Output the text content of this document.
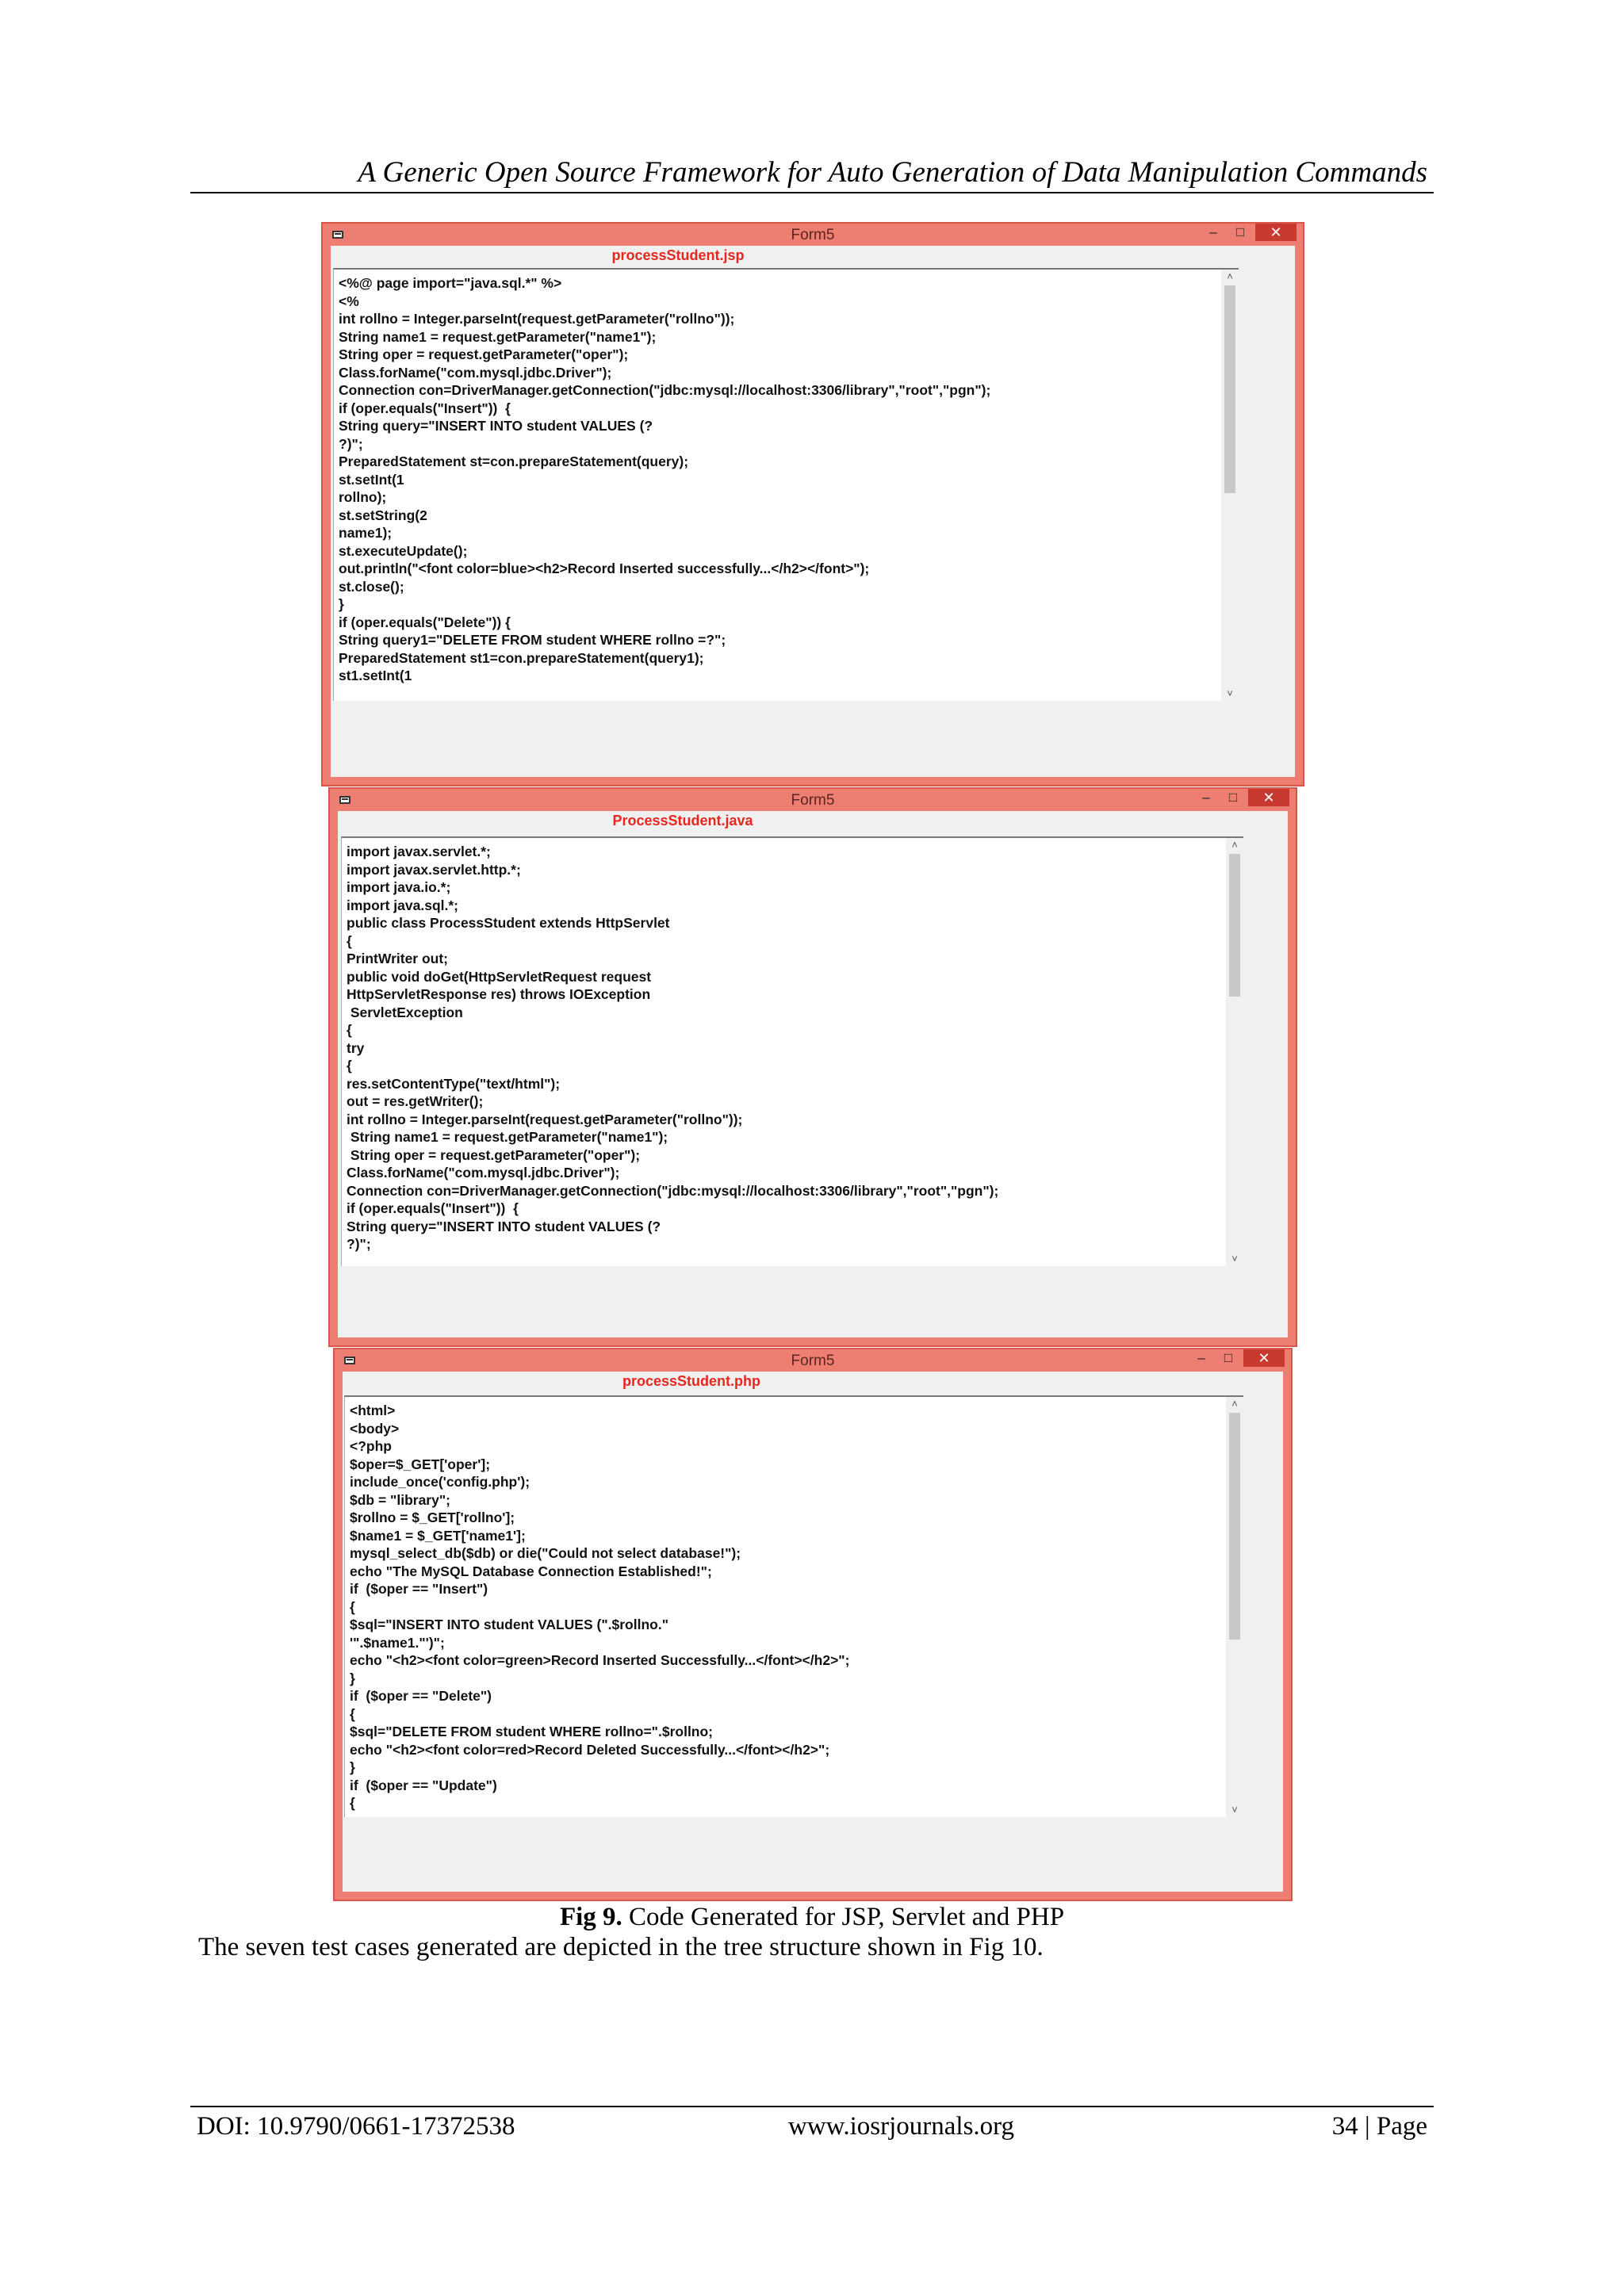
A Generic Open Source Framework for Auto Generation of Data Manipulation Commands
Form5	–	□	✕
processStudent.jsp
<%@ page import="java.sql.*" %>
<%
int rollno = Integer.parseInt(request.getParameter("rollno"));
String name1 = request.getParameter("name1");
String oper = request.getParameter("oper");
Class.forName("com.mysql.jdbc.Driver");
Connection con=DriverManager.getConnection("jdbc:mysql://localhost:3306/library","root","pgn");
if (oper.equals("Insert"))  {
String query="INSERT INTO student VALUES (?
?)";
PreparedStatement st=con.prepareStatement(query);
st.setInt(1
rollno);
st.setString(2
name1);
st.executeUpdate();
out.println("<font color=blue><h2>Record Inserted successfully...</h2></font>");
st.close();
}
if (oper.equals("Delete")) {
String query1="DELETE FROM student WHERE rollno =?";
PreparedStatement st1=con.prepareStatement(query1);
st1.setInt(1
˄
˅
Form5	–	□	✕
ProcessStudent.java
import javax.servlet.*;
import javax.servlet.http.*;
import java.io.*;
import java.sql.*;
public class ProcessStudent extends HttpServlet
{
PrintWriter out;
public void doGet(HttpServletRequest request
HttpServletResponse res) throws IOException
ServletException
{
try
{
res.setContentType("text/html");
out = res.getWriter();
int rollno = Integer.parseInt(request.getParameter("rollno"));
String name1 = request.getParameter("name1");
String oper = request.getParameter("oper");
Class.forName("com.mysql.jdbc.Driver");
Connection con=DriverManager.getConnection("jdbc:mysql://localhost:3306/library","root","pgn");
if (oper.equals("Insert"))  {
String query="INSERT INTO student VALUES (?
?)";
˄
˅
Form5	–	□	✕
processStudent.php
<html>
<body>
<?php
$oper=$_GET['oper'];
include_once('config.php');
$db = "library";
$rollno = $_GET['rollno'];
$name1 = $_GET['name1'];
mysql_select_db($db) or die("Could not select database!");
echo "The MySQL Database Connection Established!";
if  ($oper == "Insert")
{
$sql="INSERT INTO student VALUES (".$rollno."
'".$name1."')";
echo "<h2><font color=green>Record Inserted Successfully...</font></h2>";
}
if  ($oper == "Delete")
{
$sql="DELETE FROM student WHERE rollno=".$rollno;
echo "<h2><font color=red>Record Deleted Successfully...</font></h2>";
}
if  ($oper == "Update")
{
˄
˅
Fig 9. Code Generated for JSP, Servlet and PHP
The seven test cases generated are depicted in the tree structure shown in Fig 10.
DOI: 10.9790/0661-17372538	www.iosrjournals.org	34 | Page
